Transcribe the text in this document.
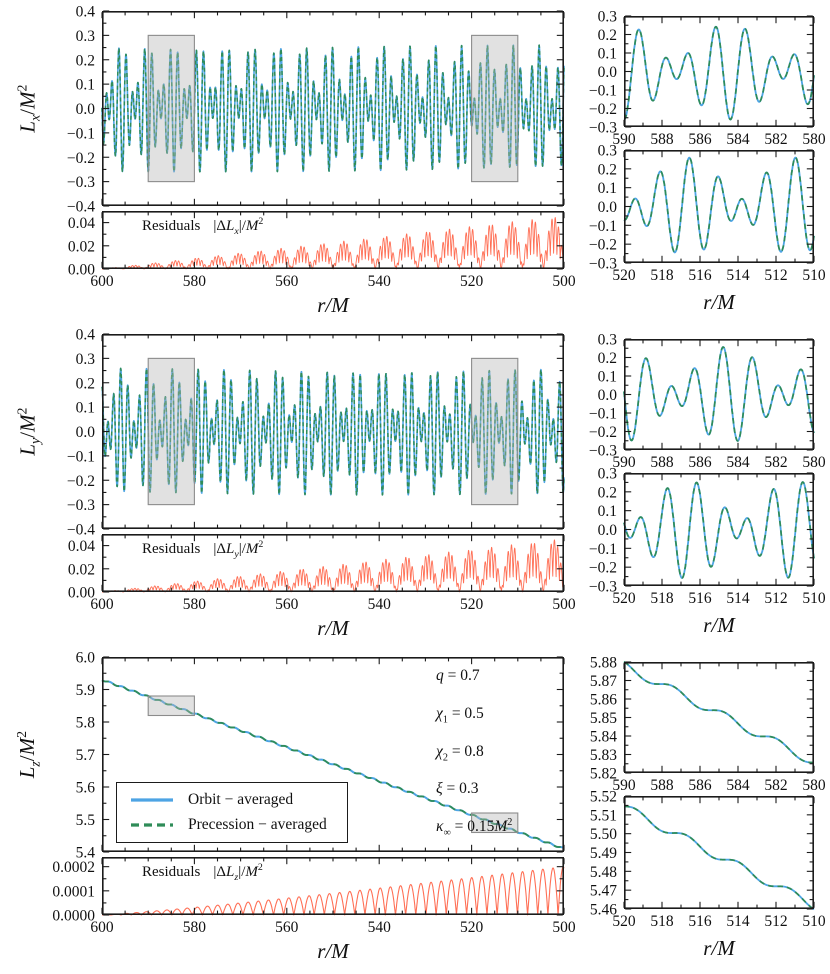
$L_x/M^2$
0.4
0.3
0.2
0.1
0.0
−0.1
−0.2
−0.3
−0.4
600	580	560	540	520	500
0.00
0.02
0.04	Residuals $|\Delta L_x|/M^2$
r/M
590 588 586 584 582 580
0.3
0.2
0.1
0.0
−0.1
−0.2
−0.3
520 518 516 514 512 510
0.3
0.2
0.1
0.0
−0.1
−0.2
−0.3
r/M
$L_y/M^2$
0.4
0.3
0.2
0.1
0.0
−0.1
−0.2
−0.3
−0.4
600	580	560	540	520	500
0.00
0.02
0.04	Residuals $|\Delta L_y|/M^2$
r/M
590 588 586 584 582 580
0.3
0.2
0.1
0.0
−0.1
−0.2
−0.3
520 518 516 514 512 510
0.3
0.2
0.1
0.0
−0.1
−0.2
−0.3
r/M
$L_z/M^2$
6.0
5.9
5.8
5.7
5.6
5.5
5.4
Orbit − averaged
Precession − averaged
q = 0.7
$\chi_1 = 0.5$
$\chi_2 = 0.8$
ξ = 0.3
$\kappa_\infty = 0.15M^2$
600	580	560	540	520	500
0.0000
0.0001
0.0002	Residuals $|\Delta L_z|/M^2$
r/M
590 588 586 584 582 580
5.88
5.87
5.86
5.85
5.84
5.83
5.82
520 518 516 514 512 510
5.52
5.51
5.50
5.49
5.48
5.47
5.46
r/M
